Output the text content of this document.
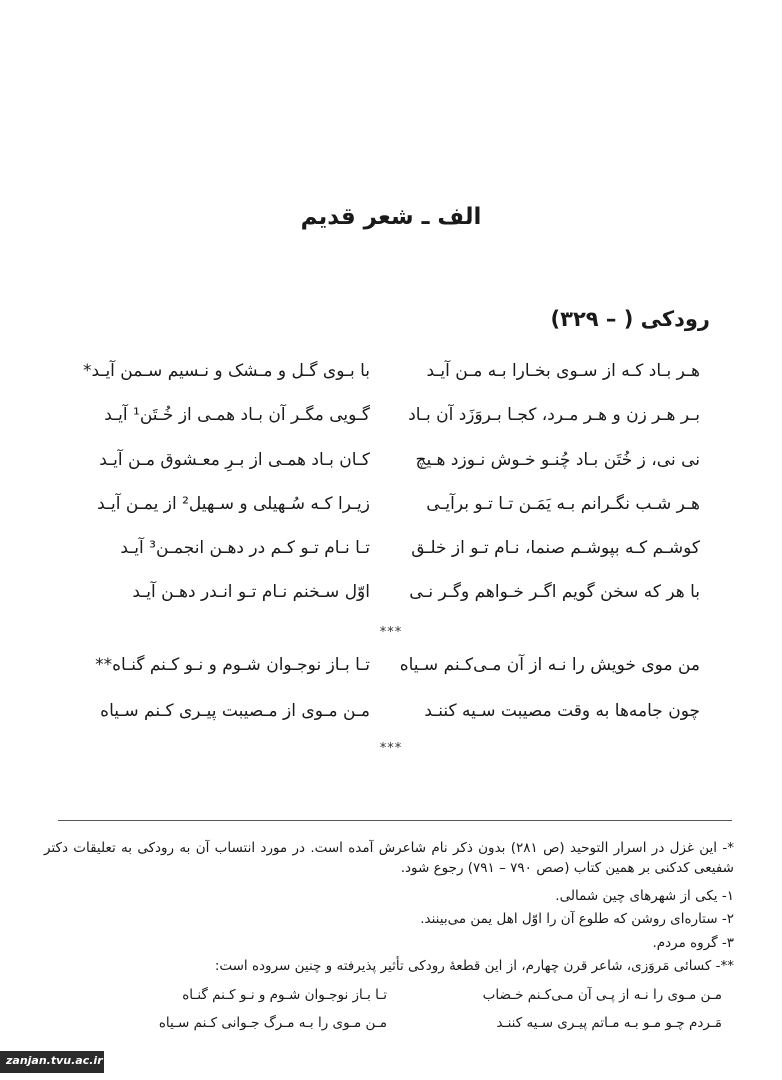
الف ـ شعر قدیم
رودکی ( – ۳۲۹)
هـر بـاد کـه از سـوی بخـارا بـه مـن آیـد
با بـوی گـل و مـشک و نـسیم سـمن آیـد*
بـر هـر زن و هـر مـرد، کجـا بـروَزَد آن بـاد
گـویی مگـر آن بـاد همـی از خُـتَن¹ آیـد
نی نی، ز خُتَن بـاد چُنـو خـوش نـوزد هـیچ
کـان بـاد همـی از بـرِ معـشوق مـن آیـد
هـر شـب نگـرانم بـه یَمَـن تـا تـو برآیـی
زیـرا کـه سُـهیلی و سـهیل² از یمـن آیـد
کوشـم کـه بپوشـم صنما، نـام تـو از خلـق
تـا نـام تـو کـم در دهـن انجمـن³ آیـد
با هر که سخن گویم اگـر خـواهم وگـر نـی
اوّل سـخنم نـام تـو انـدر دهـن آیـد
***
من موی خویش را نـه از آن مـی‌کـنم سـیاه
تـا بـاز نوجـوان شـوم و نـو کـنم گنـاه**
چون جامه‌ها به وقت مصیبت سـیه کننـد
مـن مـوی از مـصیبت پیـری کـنم سـیاه
***
*- این غزل در اسرار التوحید (ص ۲۸۱) بدون ذکر نام شاعرش آمده است. در مورد انتساب آن به رودکی به تعلیقات دکتر شفیعی کدکنی بر همین کتاب (صص ۷۹۰ – ۷۹۱) رجوع شود.
۱- یکی از شهرهای چین شمالی.
۲- ستاره‌ای روشن که طلوع آن را اوّل اهل یمن می‌بینند.
۳- گروه مردم.
**- کسائی مَروَزی، شاعر قرن چهارم، از این قطعهٔ رودکی تأثیر پذیرفته و چنین سروده است:
مـن مـوی را نـه از پـی آن مـی‌کـنم خـضاب
تـا بـاز نوجـوان شـوم و نـو کـنم گنـاه
مَـردم چـو مـو بـه مـاتم پیـری سـیه کننـد
مـن مـوی را بـه مـرگ جـوانی کـنم سـیاه
zanjan.tvu.ac.ir
